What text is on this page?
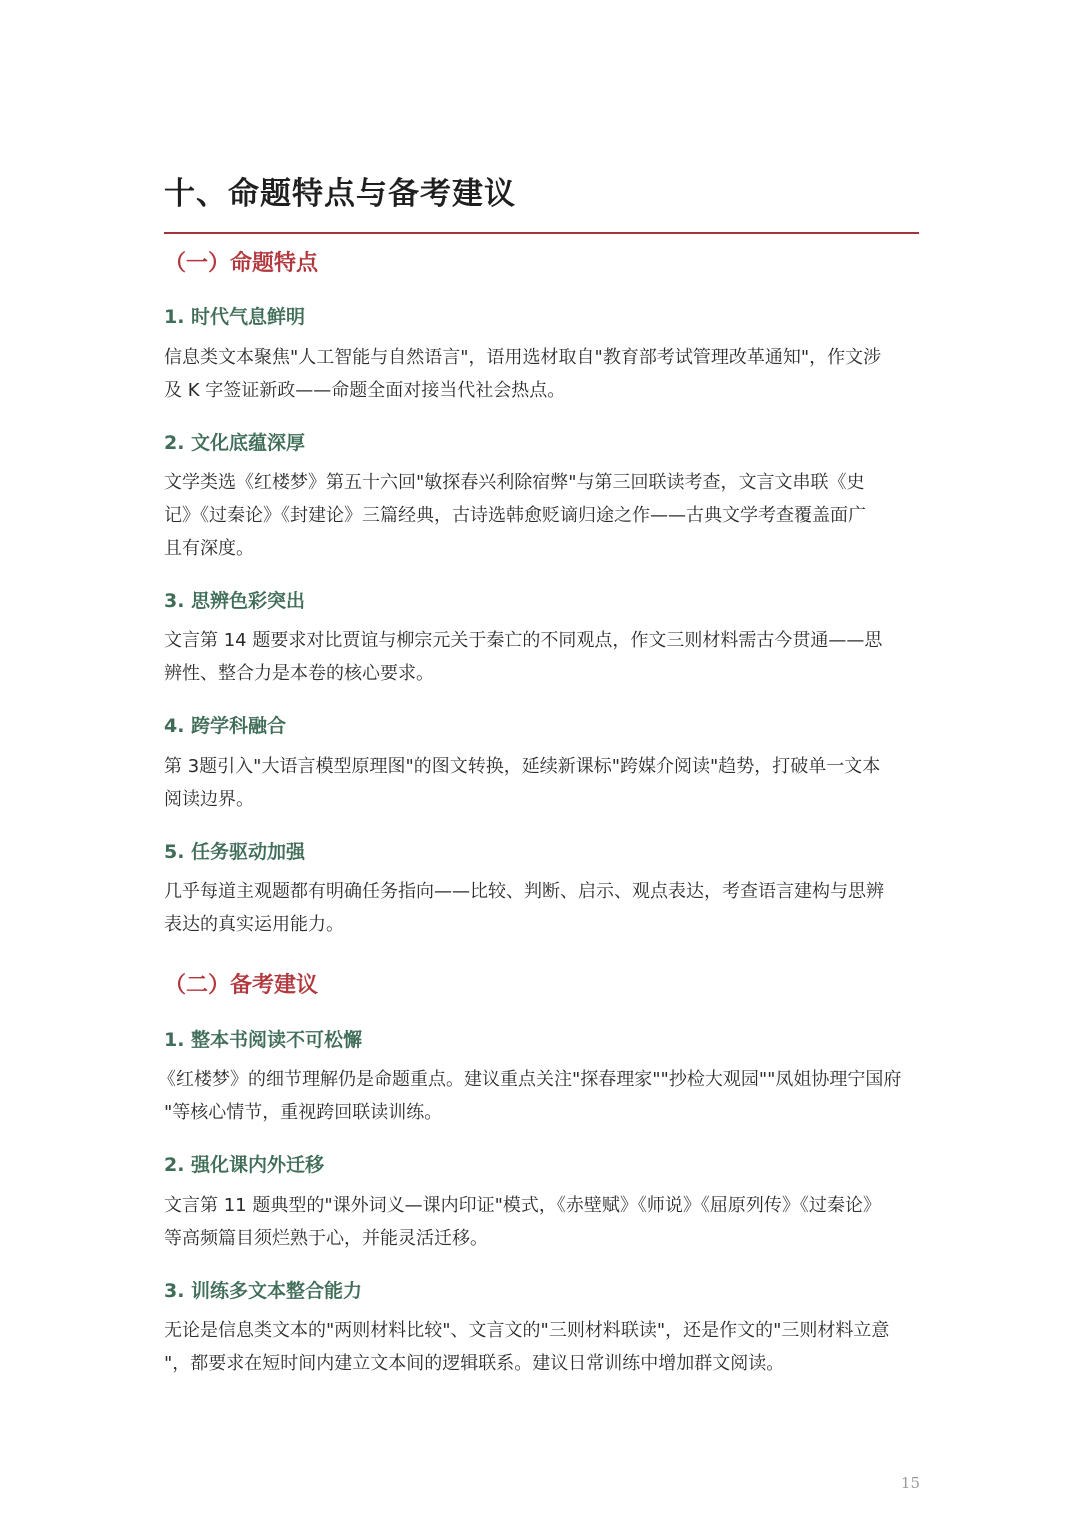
十、命题特点与备考建议
（一）命题特点
1. 时代气息鲜明

信息类文本聚焦"人工智能与自然语言"，语用选材取自"教育部考试管理改革通知"，作文涉

及 K 字签证新政——命题全面对接当代社会热点。

2. 文化底蕴深厚

文学类选《红楼梦》第五十六回"敏探春兴利除宿弊"与第三回联读考查，文言文串联《史

记》《过秦论》《封建论》三篇经典，古诗选韩愈贬谪归途之作——古典文学考查覆盖面广

且有深度。

3. 思辨色彩突出

文言第 14 题要求对比贾谊与柳宗元关于秦亡的不同观点，作文三则材料需古今贯通——思

辨性、整合力是本卷的核心要求。

4. 跨学科融合

第 3题引入"大语言模型原理图"的图文转换，延续新课标"跨媒介阅读"趋势，打破单一文本

阅读边界。

5. 任务驱动加强

几乎每道主观题都有明确任务指向——比较、判断、启示、观点表达，考查语言建构与思辨

表达的真实运用能力。

（二）备考建议
1. 整本书阅读不可松懈

《红楼梦》的细节理解仍是命题重点。建议重点关注"探春理家""抄检大观园""凤姐协理宁国府

"等核心情节，重视跨回联读训练。

2. 强化课内外迁移

文言第 11 题典型的"课外词义—课内印证"模式，《赤壁赋》《师说》《屈原列传》《过秦论》

等高频篇目须烂熟于心，并能灵活迁移。

3. 训练多文本整合能力

无论是信息类文本的"两则材料比较"、文言文的"三则材料联读"，还是作文的"三则材料立意

"，都要求在短时间内建立文本间的逻辑联系。建议日常训练中增加群文阅读。

15
